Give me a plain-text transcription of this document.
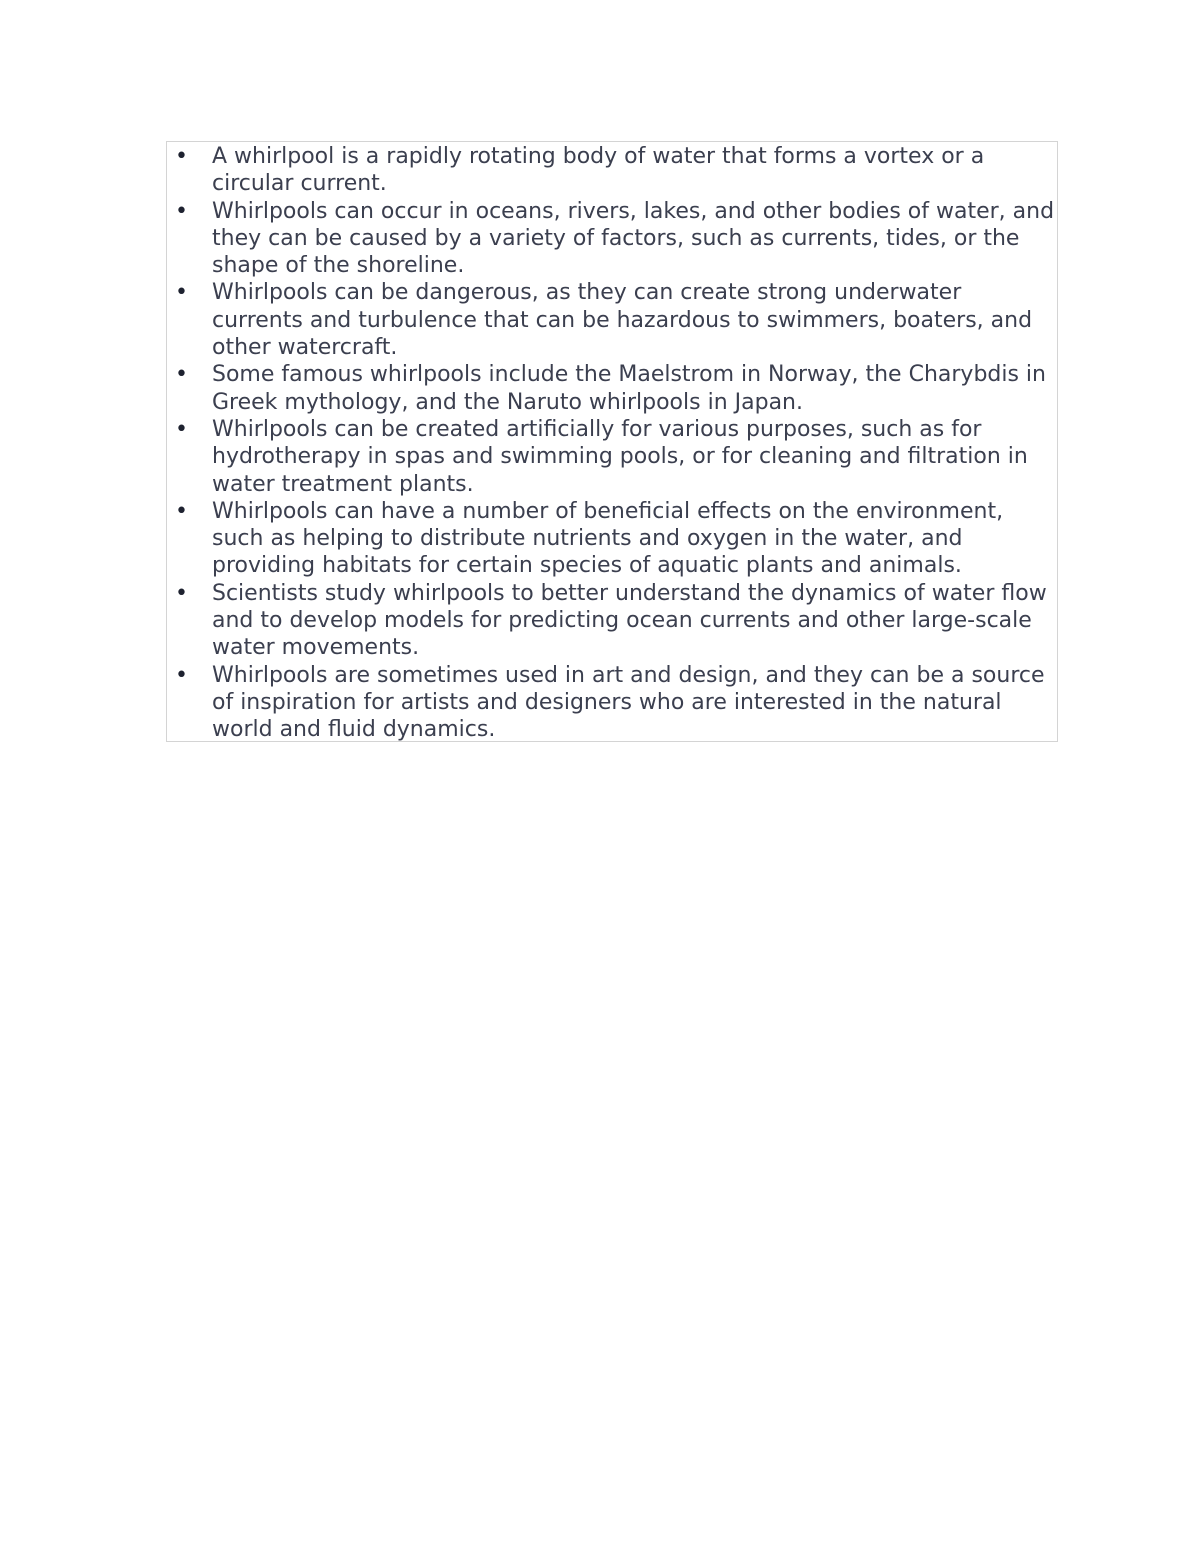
• A whirlpool is a rapidly rotating body of water that forms a vortex or a circular current.
• Whirlpools can occur in oceans, rivers, lakes, and other bodies of water, and they can be caused by a variety of factors, such as currents, tides, or the shape of the shoreline.
• Whirlpools can be dangerous, as they can create strong underwater currents and turbulence that can be hazardous to swimmers, boaters, and other watercraft.
• Some famous whirlpools include the Maelstrom in Norway, the Charybdis in Greek mythology, and the Naruto whirlpools in Japan.
• Whirlpools can be created artificially for various purposes, such as for hydrotherapy in spas and swimming pools, or for cleaning and filtration in water treatment plants.
• Whirlpools can have a number of beneficial effects on the environment, such as helping to distribute nutrients and oxygen in the water, and providing habitats for certain species of aquatic plants and animals.
• Scientists study whirlpools to better understand the dynamics of water flow and to develop models for predicting ocean currents and other large-scale water movements.
• Whirlpools are sometimes used in art and design, and they can be a source of inspiration for artists and designers who are interested in the natural world and fluid dynamics.
